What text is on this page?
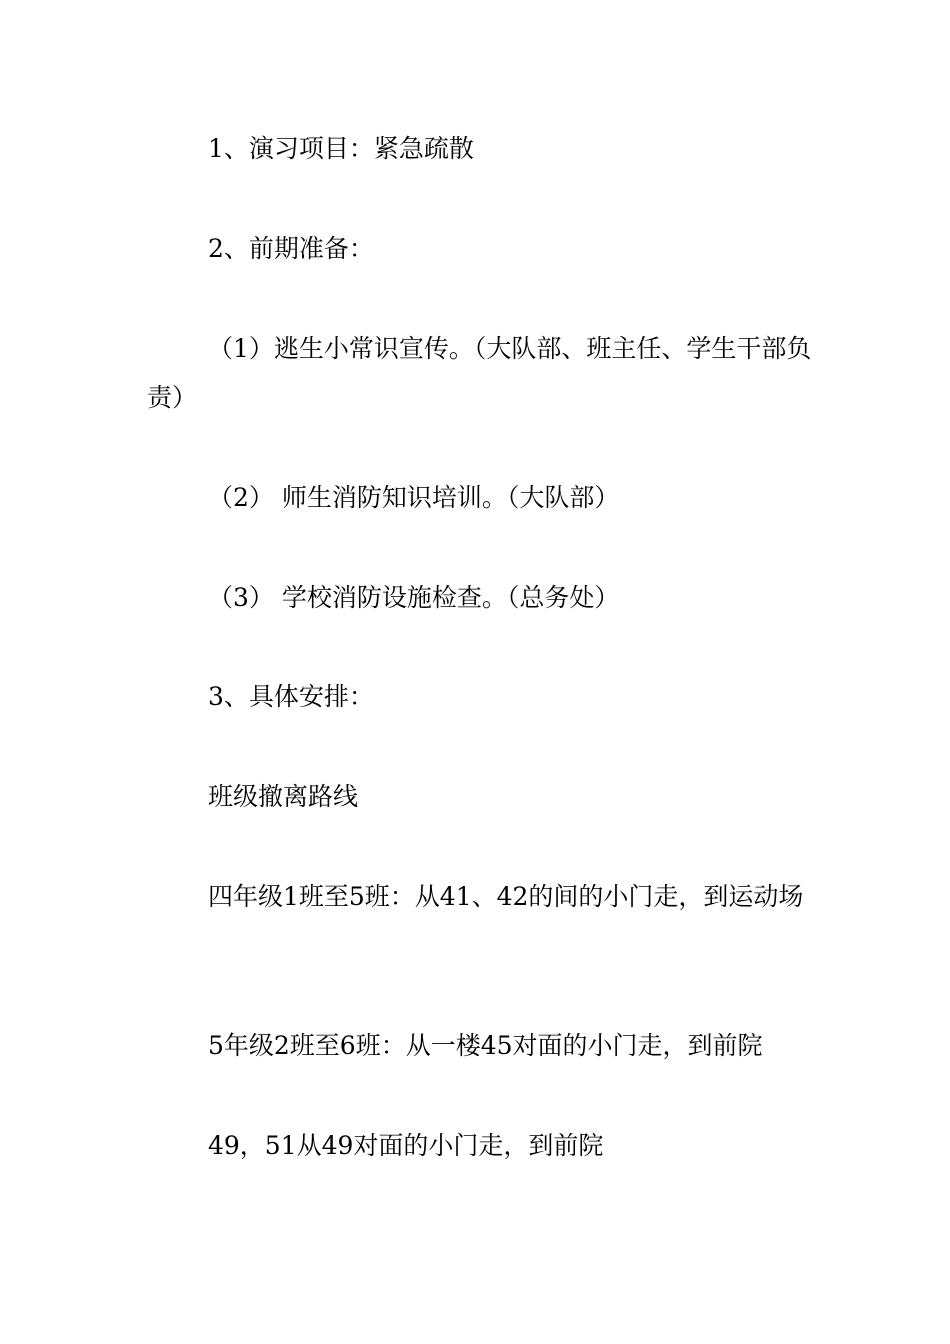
1、演习项目：紧急疏散

2、前期准备：

（1）逃生小常识宣传。（大队部、班主任、学生干部负责）

（2） 师生消防知识培训。（大队部）

（3） 学校消防设施检查。（总务处）

3、具体安排：

班级撤离路线

四年级1班至5班：从41、42的间的小门走，到运动场

5年级2班至6班：从一楼45对面的小门走，到前院

49，51从49对面的小门走，到前院
